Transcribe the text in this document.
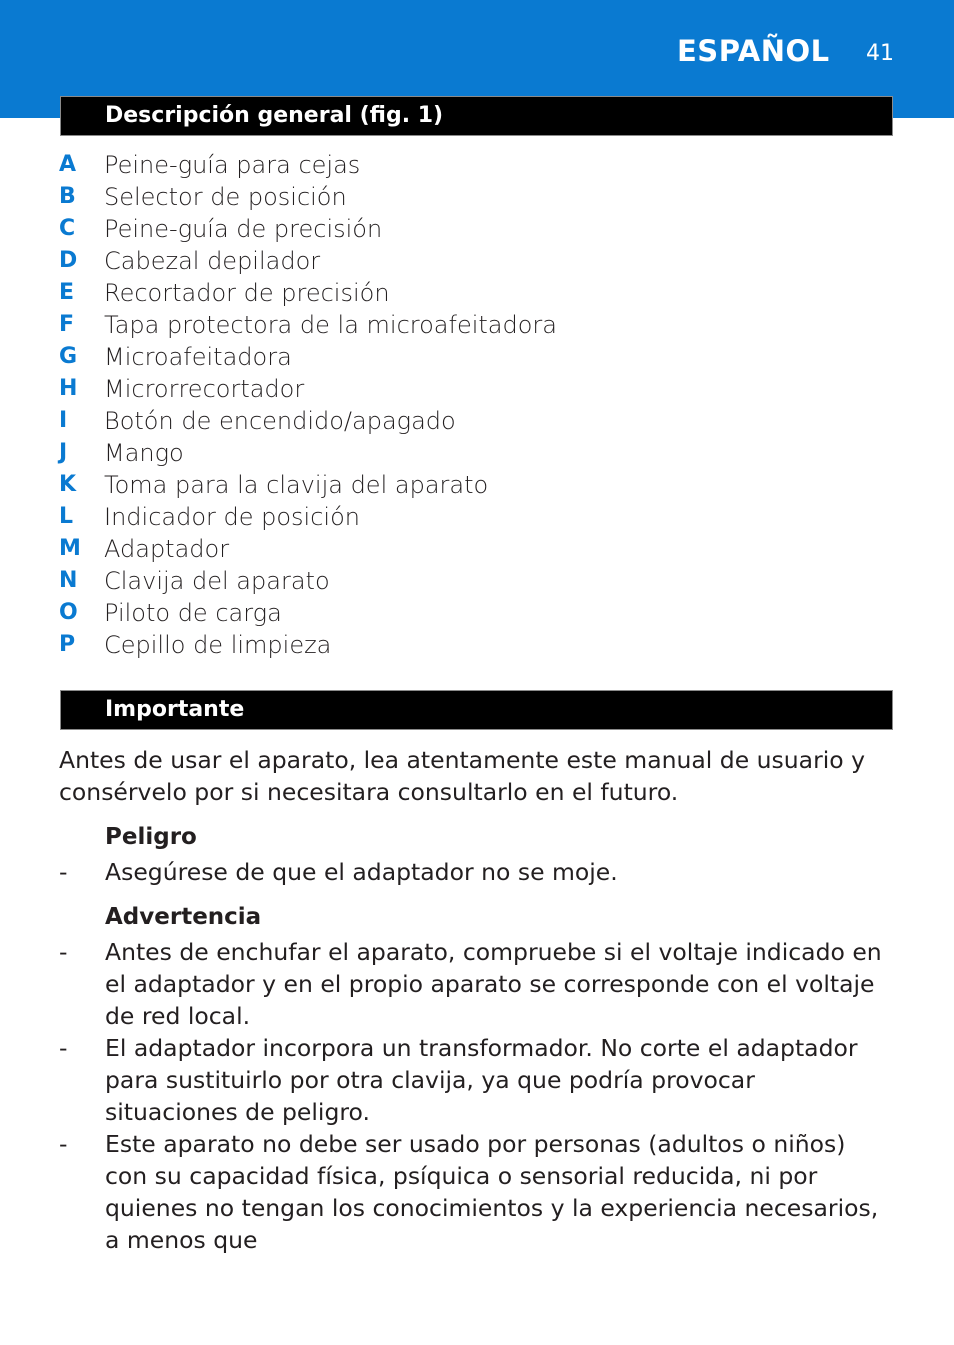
ESPAÑOL 41
Descripción general (fig. 1)
A Peine-guía para cejas
B Selector de posición
C Peine-guía de precisión
D Cabezal depilador
E Recortador de precisión
F Tapa protectora de la microafeitadora
G Microafeitadora
H Microrrecortador
I Botón de encendido/apagado
J Mango
K Toma para la clavija del aparato
L Indicador de posición
M Adaptador
N Clavija del aparato
O Piloto de carga
P Cepillo de limpieza
Importante
Antes de usar el aparato, lea atentamente este manual de usuario y consérvelo por si necesitara consultarlo en el futuro.
Peligro
- Asegúrese de que el adaptador no se moje.
Advertencia
- Antes de enchufar el aparato, compruebe si el voltaje indicado en el adaptador y en el propio aparato se corresponde con el voltaje de red local.
- El adaptador incorpora un transformador. No corte el adaptador para sustituirlo por otra clavija, ya que podría provocar situaciones de peligro.
- Este aparato no debe ser usado por personas (adultos o niños) con su capacidad física, psíquica o sensorial reducida, ni por quienes no tengan los conocimientos y la experiencia necesarios, a menos que
